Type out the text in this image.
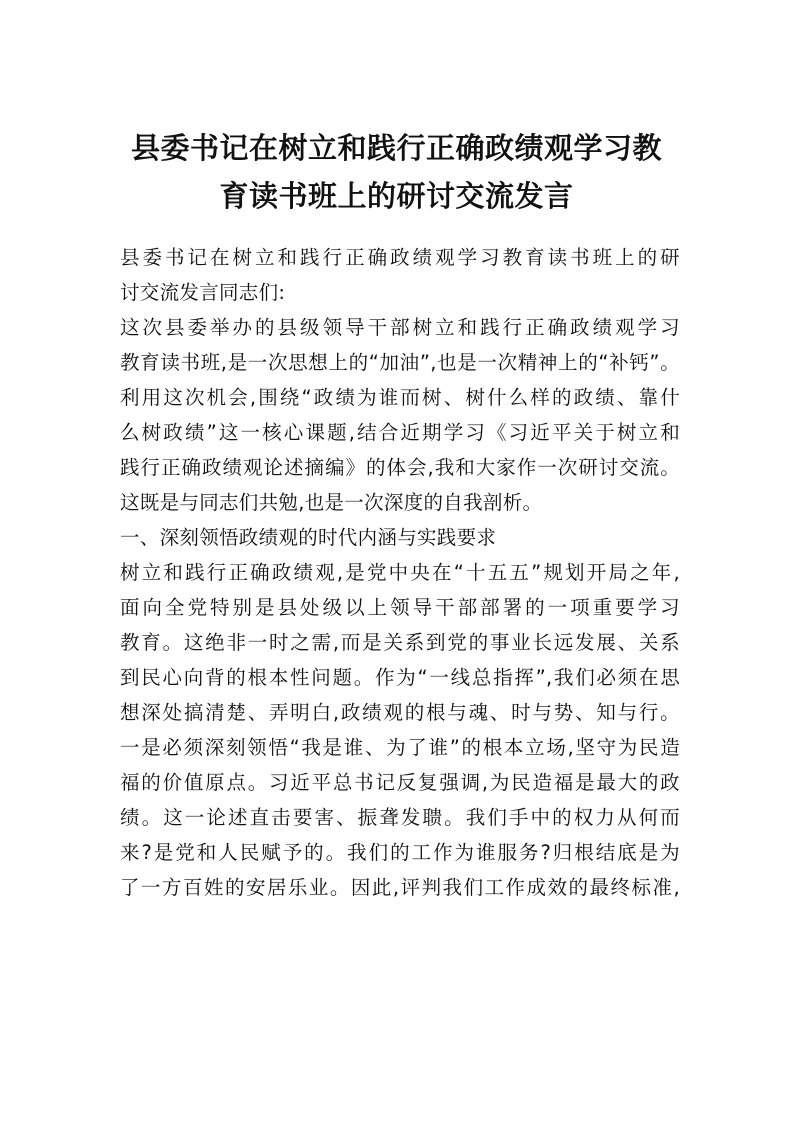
县委书记在树立和践行正确政绩观学习教
育读书班上的研讨交流发言
县委书记在树立和践行正确政绩观学习教育读书班上的研
讨交流发言同志们:
这次县委举办的县级领导干部树立和践行正确政绩观学习
教育读书班,是一次思想上的“加油”,也是一次精神上的“补钙”。
利用这次机会,围绕“政绩为谁而树、树什么样的政绩、靠什
么树政绩”这一核心课题,结合近期学习《习近平关于树立和
践行正确政绩观论述摘编》的体会,我和大家作一次研讨交流。
这既是与同志们共勉,也是一次深度的自我剖析。
一、深刻领悟政绩观的时代内涵与实践要求
树立和践行正确政绩观,是党中央在“十五五”规划开局之年,
面向全党特别是县处级以上领导干部部署的一项重要学习
教育。这绝非一时之需,而是关系到党的事业长远发展、关系
到民心向背的根本性问题。作为“一线总指挥”,我们必须在思
想深处搞清楚、弄明白,政绩观的根与魂、时与势、知与行。
一是必须深刻领悟“我是谁、为了谁”的根本立场,坚守为民造
福的价值原点。习近平总书记反复强调,为民造福是最大的政
绩。这一论述直击要害、振聋发聩。我们手中的权力从何而
来?是党和人民赋予的。我们的工作为谁服务?归根结底是为
了一方百姓的安居乐业。因此,评判我们工作成效的最终标准,
